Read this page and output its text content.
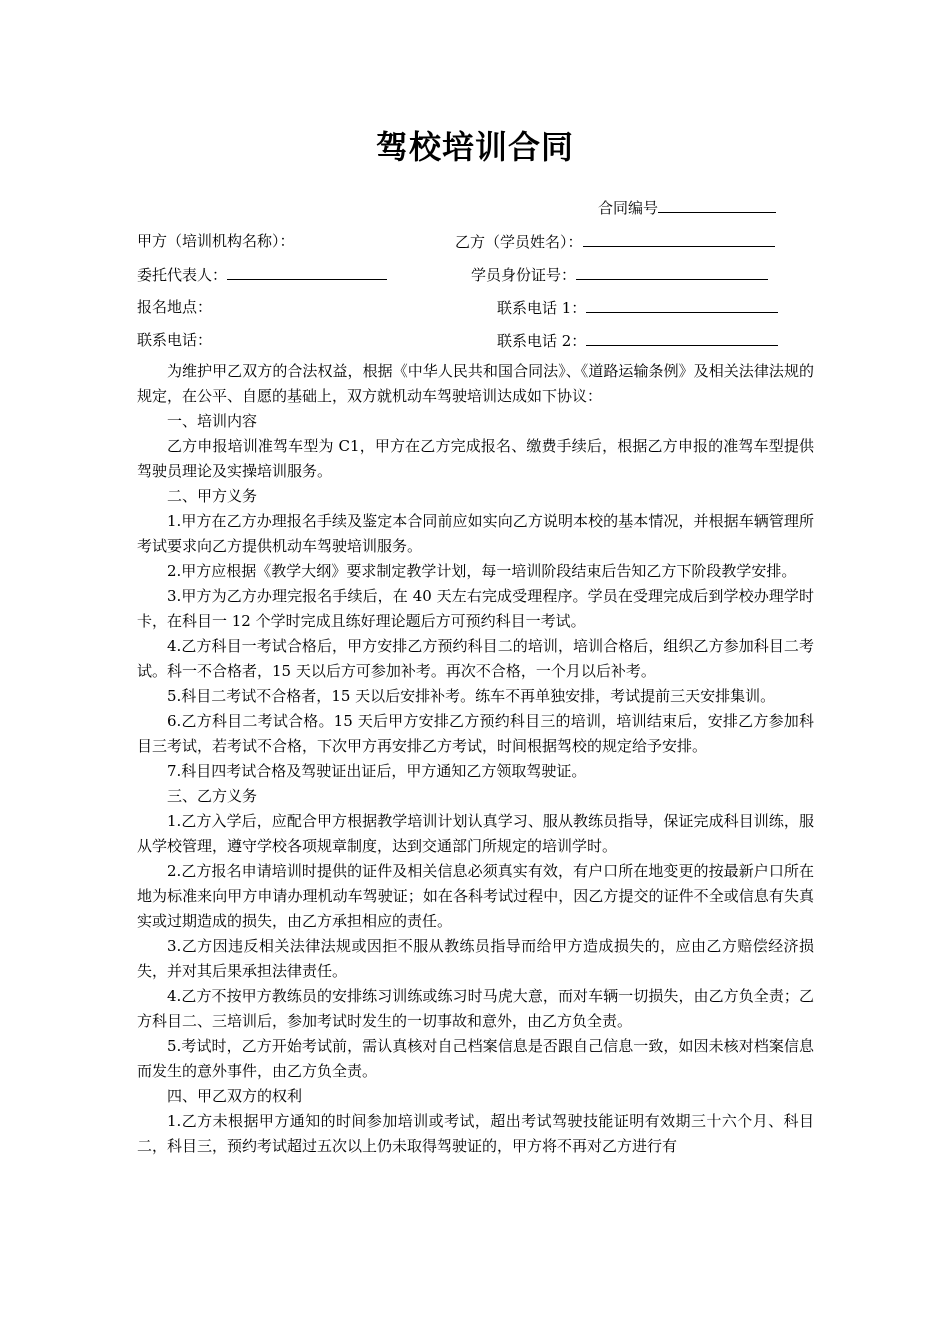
驾校培训合同
合同编号
甲方（培训机构名称）：	乙方（学员姓名）：
委托代表人：	学员身份证号：
报名地点：	联系电话 1：
联系电话：	联系电话 2：

为维护甲乙双方的合法权益，根据《中华人民共和国合同法》、《道路运输条例》及相关法律法规的规定，在公平、自愿的基础上，双方就机动车驾驶培训达成如下协议：

一、培训内容

乙方申报培训准驾车型为 C1，甲方在乙方完成报名、缴费手续后，根据乙方申报的准驾车型提供驾驶员理论及实操培训服务。

二、甲方义务

1.甲方在乙方办理报名手续及鉴定本合同前应如实向乙方说明本校的基本情况，并根据车辆管理所考试要求向乙方提供机动车驾驶培训服务。

2.甲方应根据《教学大纲》要求制定教学计划，每一培训阶段结束后告知乙方下阶段教学安排。

3.甲方为乙方办理完报名手续后，在 40 天左右完成受理程序。学员在受理完成后到学校办理学时卡，在科目一 12 个学时完成且练好理论题后方可预约科目一考试。

4.乙方科目一考试合格后，甲方安排乙方预约科目二的培训，培训合格后，组织乙方参加科目二考试。科一不合格者，15 天以后方可参加补考。再次不合格，一个月以后补考。

5.科目二考试不合格者，15 天以后安排补考。练车不再单独安排，考试提前三天安排集训。

6.乙方科目二考试合格。15 天后甲方安排乙方预约科目三的培训，培训结束后，安排乙方参加科目三考试，若考试不合格，下次甲方再安排乙方考试，时间根据驾校的规定给予安排。

7.科目四考试合格及驾驶证出证后，甲方通知乙方领取驾驶证。

三、乙方义务

1.乙方入学后，应配合甲方根据教学培训计划认真学习、服从教练员指导，保证完成科目训练，服从学校管理，遵守学校各项规章制度，达到交通部门所规定的培训学时。

2.乙方报名申请培训时提供的证件及相关信息必须真实有效，有户口所在地变更的按最新户口所在地为标准来向甲方申请办理机动车驾驶证；如在各科考试过程中，因乙方提交的证件不全或信息有失真实或过期造成的损失，由乙方承担相应的责任。

3.乙方因违反相关法律法规或因拒不服从教练员指导而给甲方造成损失的，应由乙方赔偿经济损失，并对其后果承担法律责任。

4.乙方不按甲方教练员的安排练习训练或练习时马虎大意，而对车辆一切损失，由乙方负全责；乙方科目二、三培训后，参加考试时发生的一切事故和意外，由乙方负全责。

5.考试时，乙方开始考试前，需认真核对自己档案信息是否跟自己信息一致，如因未核对档案信息而发生的意外事件，由乙方负全责。

四、甲乙双方的权利

1.乙方未根据甲方通知的时间参加培训或考试，超出考试驾驶技能证明有效期三十六个月、科目二，科目三，预约考试超过五次以上仍未取得驾驶证的，甲方将不再对乙方进行有
